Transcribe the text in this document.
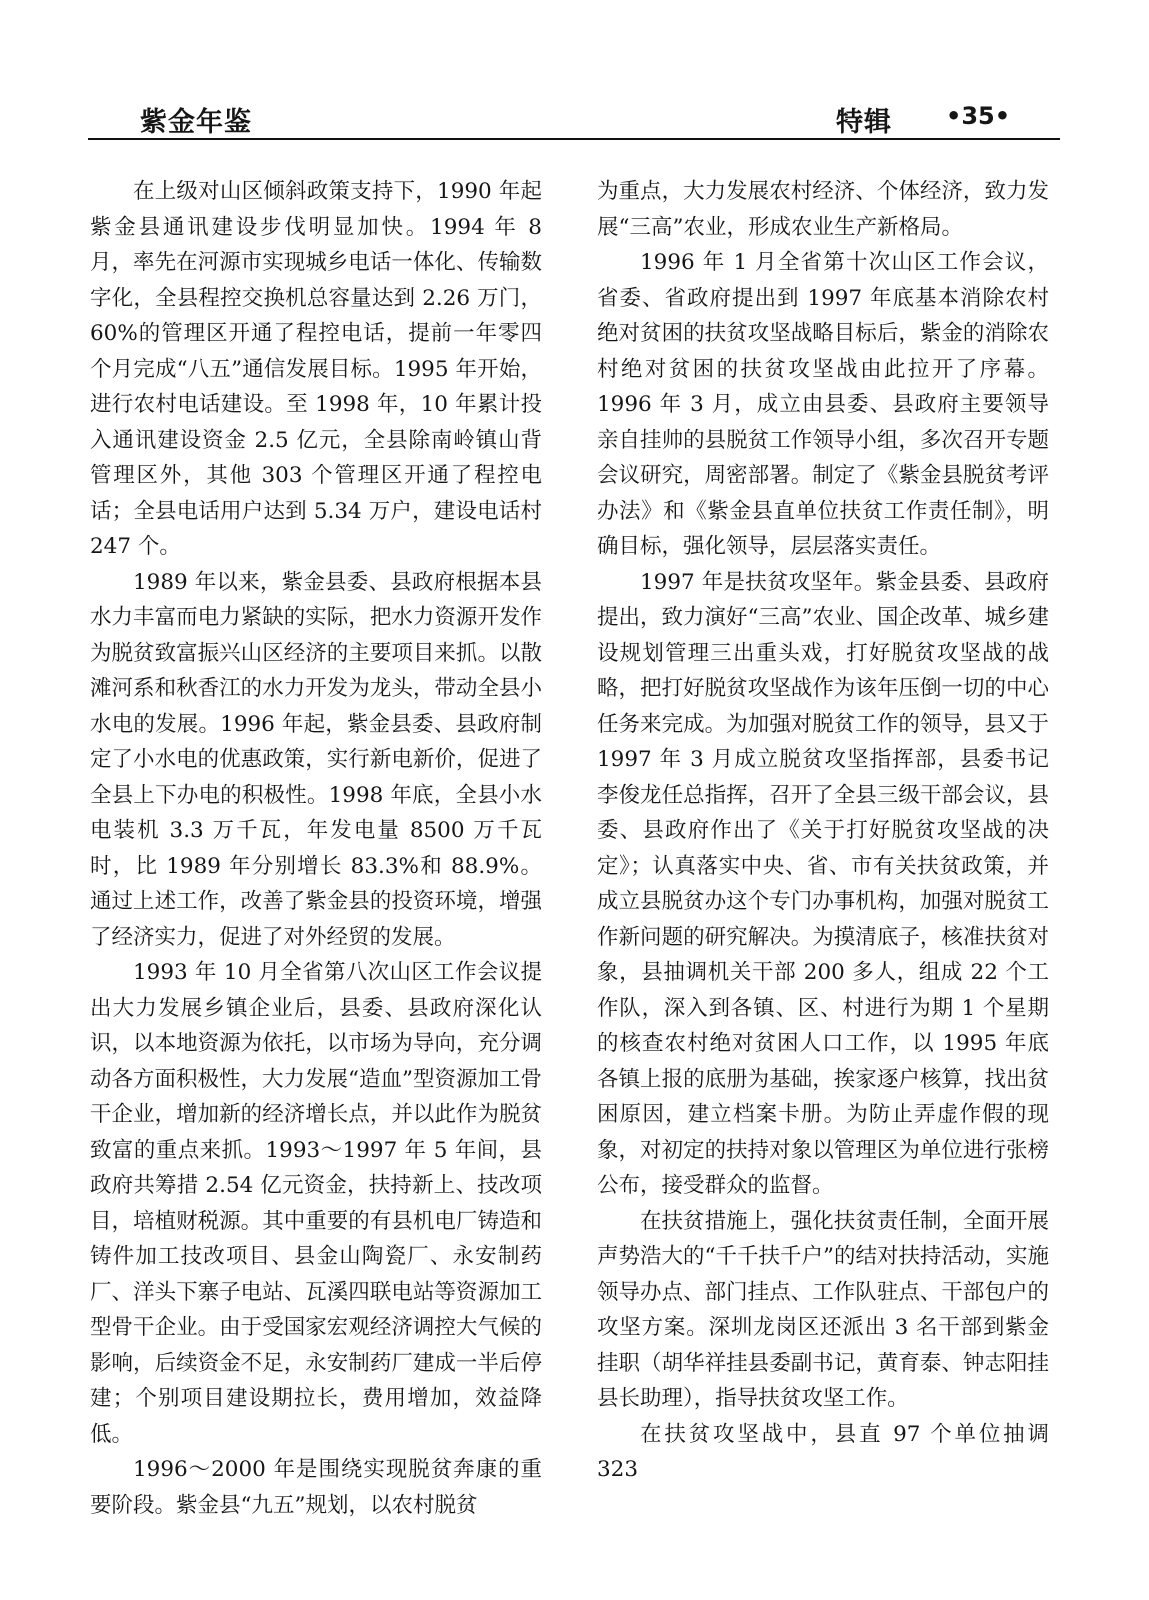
紫金年鉴	特辑 •35•

在上级对山区倾斜政策支持下，1990 年起紫金县通讯建设步伐明显加快。1994 年 8 月，率先在河源市实现城乡电话一体化、传输数字化，全县程控交换机总容量达到 2.26 万门，60%的管理区开通了程控电话，提前一年零四个月完成“八五”通信发展目标。1995 年开始，进行农村电话建设。至 1998 年，10 年累计投入通讯建设资金 2.5 亿元，全县除南岭镇山背管理区外，其他 303 个管理区开通了程控电话；全县电话用户达到 5.34 万户，建设电话村 247 个。

1989 年以来，紫金县委、县政府根据本县水力丰富而电力紧缺的实际，把水力资源开发作为脱贫致富振兴山区经济的主要项目来抓。以散滩河系和秋香江的水力开发为龙头，带动全县小水电的发展。1996 年起，紫金县委、县政府制定了小水电的优惠政策，实行新电新价，促进了全县上下办电的积极性。1998 年底，全县小水电装机 3.3 万千瓦，年发电量 8500 万千瓦时，比 1989 年分别增长 83.3%和 88.9%。通过上述工作，改善了紫金县的投资环境，增强了经济实力，促进了对外经贸的发展。

1993 年 10 月全省第八次山区工作会议提出大力发展乡镇企业后，县委、县政府深化认识，以本地资源为依托，以市场为导向，充分调动各方面积极性，大力发展“造血”型资源加工骨干企业，增加新的经济增长点，并以此作为脱贫致富的重点来抓。1993～1997 年 5 年间，县政府共筹措 2.54 亿元资金，扶持新上、技改项目，培植财税源。其中重要的有县机电厂铸造和铸件加工技改项目、县金山陶瓷厂、永安制药厂、洋头下寨子电站、瓦溪四联电站等资源加工型骨干企业。由于受国家宏观经济调控大气候的影响，后续资金不足，永安制药厂建成一半后停建；个别项目建设期拉长，费用增加，效益降低。

1996～2000 年是围绕实现脱贫奔康的重要阶段。紫金县“九五”规划，以农村脱贫

为重点，大力发展农村经济、个体经济，致力发展“三高”农业，形成农业生产新格局。

1996 年 1 月全省第十次山区工作会议，省委、省政府提出到 1997 年底基本消除农村绝对贫困的扶贫攻坚战略目标后，紫金的消除农村绝对贫困的扶贫攻坚战由此拉开了序幕。1996 年 3 月，成立由县委、县政府主要领导亲自挂帅的县脱贫工作领导小组，多次召开专题会议研究，周密部署。制定了《紫金县脱贫考评办法》和《紫金县直单位扶贫工作责任制》，明确目标，强化领导，层层落实责任。

1997 年是扶贫攻坚年。紫金县委、县政府提出，致力演好“三高”农业、国企改革、城乡建设规划管理三出重头戏，打好脱贫攻坚战的战略，把打好脱贫攻坚战作为该年压倒一切的中心任务来完成。为加强对脱贫工作的领导，县又于 1997 年 3 月成立脱贫攻坚指挥部，县委书记李俊龙任总指挥，召开了全县三级干部会议，县委、县政府作出了《关于打好脱贫攻坚战的决定》；认真落实中央、省、市有关扶贫政策，并成立县脱贫办这个专门办事机构，加强对脱贫工作新问题的研究解决。为摸清底子，核准扶贫对象，县抽调机关干部 200 多人，组成 22 个工作队，深入到各镇、区、村进行为期 1 个星期的核查农村绝对贫困人口工作，以 1995 年底各镇上报的底册为基础，挨家逐户核算，找出贫困原因，建立档案卡册。为防止弄虚作假的现象，对初定的扶持对象以管理区为单位进行张榜公布，接受群众的监督。

在扶贫措施上，强化扶贫责任制，全面开展声势浩大的“千千扶千户”的结对扶持活动，实施领导办点、部门挂点、工作队驻点、干部包户的攻坚方案。深圳龙岗区还派出 3 名干部到紫金挂职（胡华祥挂县委副书记，黄育泰、钟志阳挂县长助理），指导扶贫攻坚工作。

在扶贫攻坚战中，县直 97 个单位抽调 323
